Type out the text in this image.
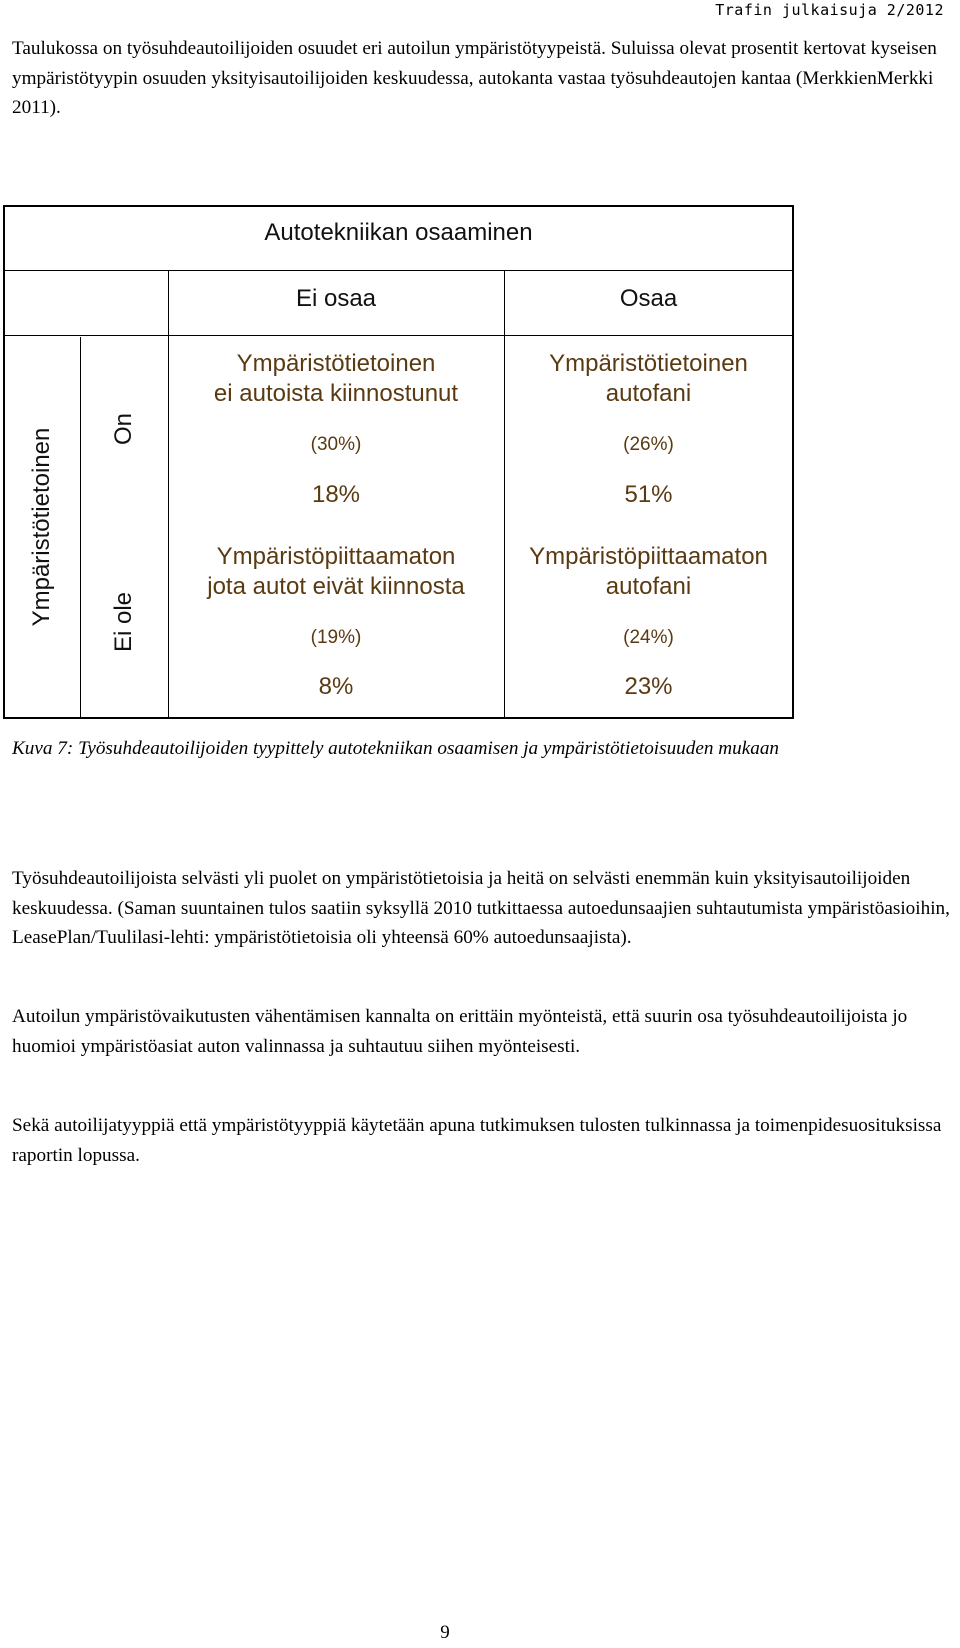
Trafin julkaisuja 2/2012

Taulukossa on työsuhdeautoilijoiden osuudet eri autoilun ympäristötyypeistä. Suluissa olevat prosentit kertovat kyseisen ympäristötyypin osuuden yksityisautoilijoiden keskuudessa, autokanta vastaa työsuhdeautojen kantaa (MerkkienMerkki 2011).

Autotekniikan osaaminen
Ei osaa	Osaa
Ympäristötietoinen On
Ei ole
Ympäristötietoinen
ei autoista kiinnostunut
(30%)
18%
Ympäristötietoinen
autofani
(26%)
51%
Ympäristöpiittaamaton
jota autot eivät kiinnosta
(19%)
8%
Ympäristöpiittaamaton
autofani
(24%)
23%

Kuva 7: Työsuhdeautoilijoiden tyypittely autotekniikan osaamisen ja ympäristötietoisuuden mukaan

Työsuhdeautoilijoista selvästi yli puolet on ympäristötietoisia ja heitä on selvästi enemmän kuin yksityisautoilijoiden keskuudessa. (Saman suuntainen tulos saatiin syksyllä 2010 tutkittaessa autoedunsaajien suhtautumista ympäristöasioihin, LeasePlan/Tuulilasi-lehti: ympäristötietoisia oli yhteensä 60% autoedunsaajista).

Autoilun ympäristövaikutusten vähentämisen kannalta on erittäin myönteistä, että suurin osa työsuhdeautoilijoista jo huomioi ympäristöasiat auton valinnassa ja suhtautuu siihen myönteisesti.

Sekä autoilijatyyppiä että ympäristötyyppiä käytetään apuna tutkimuksen tulosten tulkinnassa ja toimenpidesuosituksissa raportin lopussa.

9
